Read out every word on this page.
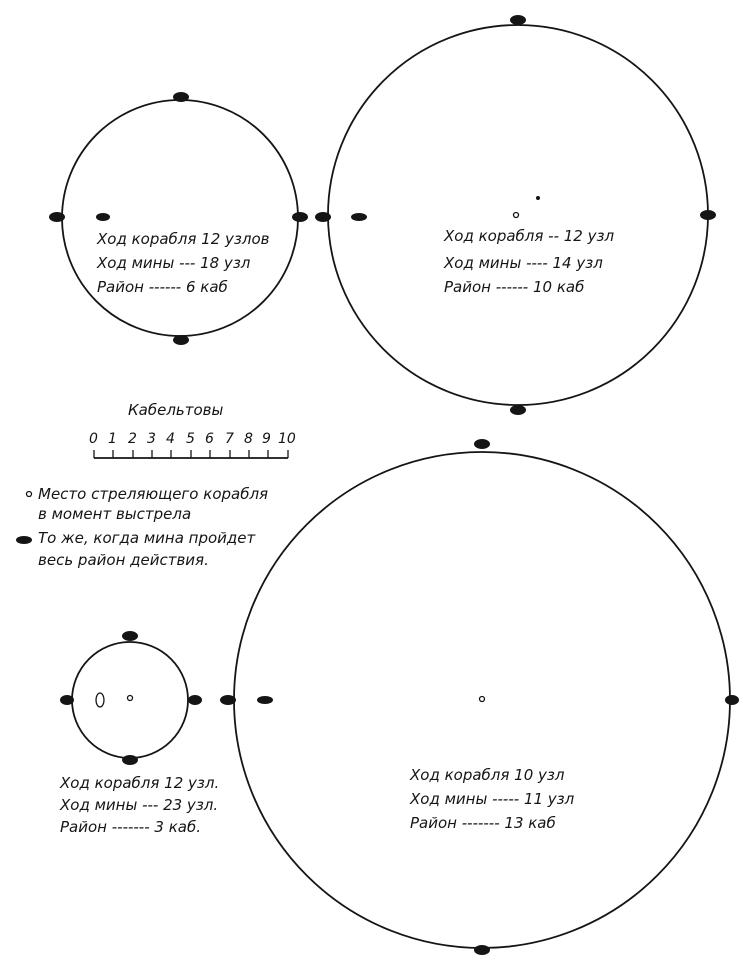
Ход корабля 12 узлов
Ход мины --- 18 узл
Район ------ 6 каб
Ход корабля -- 12 узл
Ход мины ---- 14 узл
Район ------ 10 каб
Кабельтовы
0 1 2 3 4 5 6 7 8 9 10
Место стреляющего корабля
в момент выстрела
То же, когда мина пройдет
весь район действия.
Ход корабля 12 узл.
Ход мины --- 23 узл.
Район ------- 3 каб.
Ход корабля 10 узл
Ход мины ----- 11 узл
Район ------- 13 каб
